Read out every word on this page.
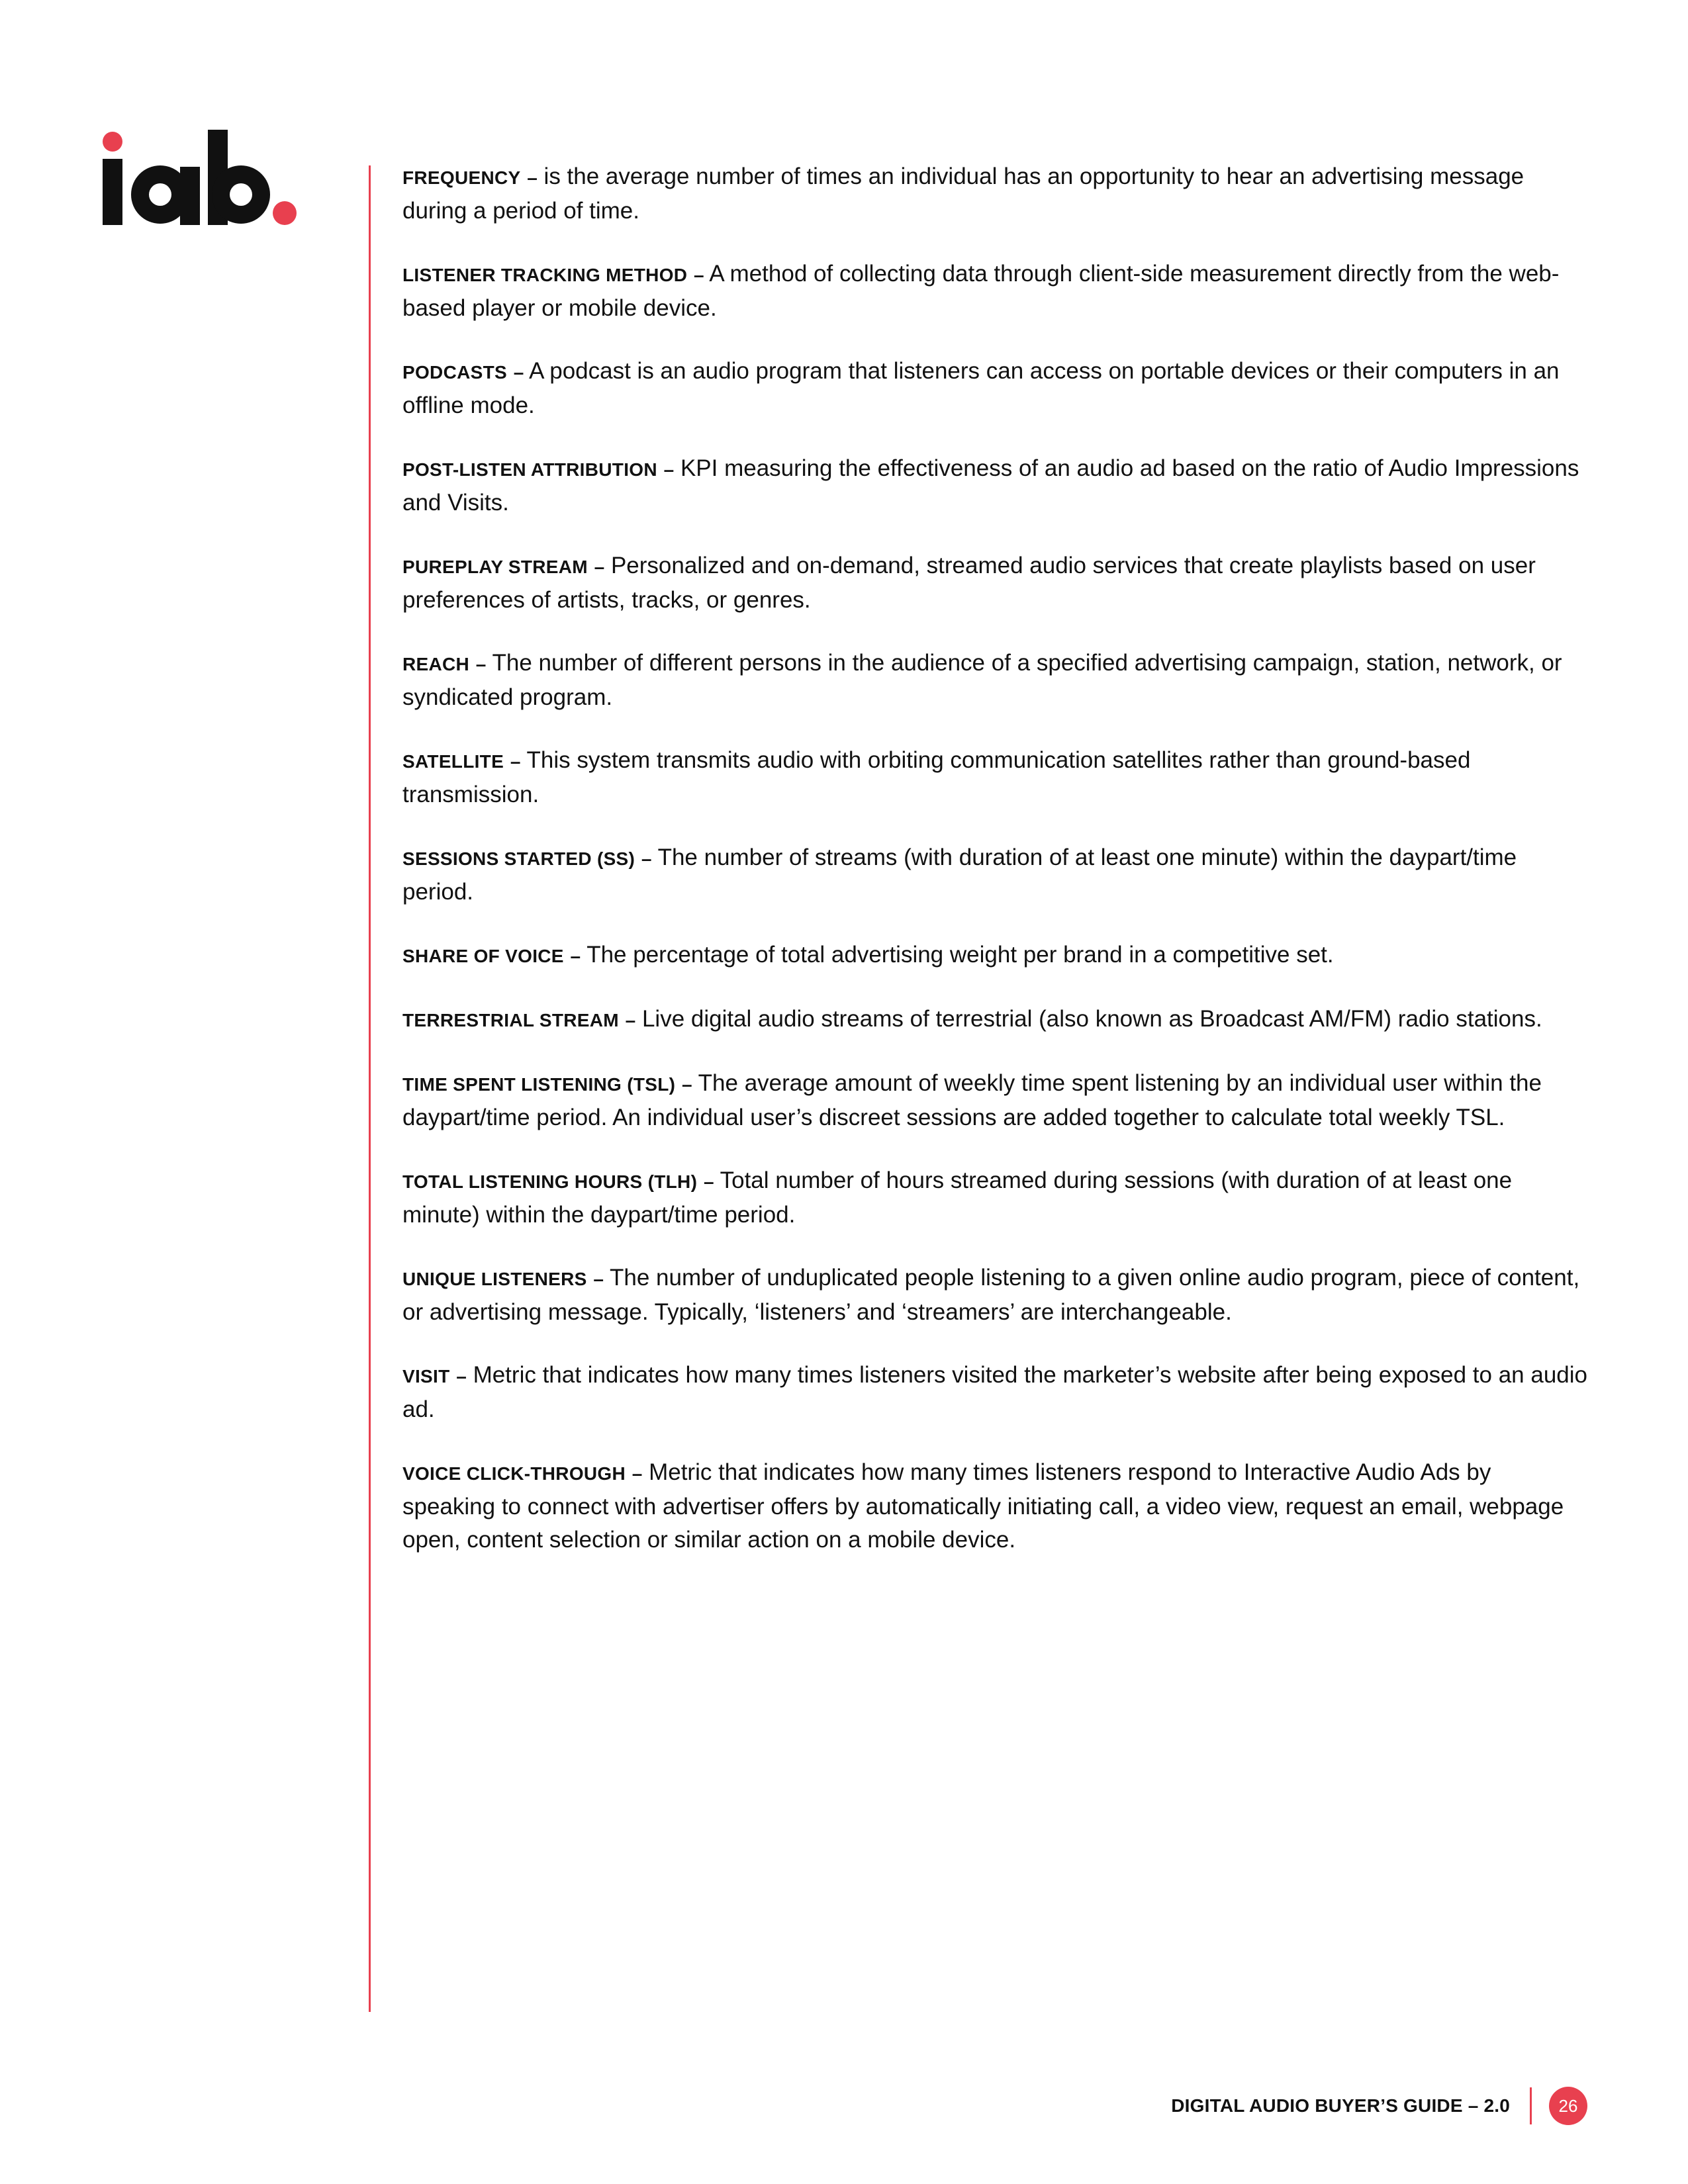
FREQUENCY – is the average number of times an individual has an opportunity to hear an advertising message during a period of time.

LISTENER TRACKING METHOD – A method of collecting data through client-side measurement directly from the web-based player or mobile device.

PODCASTS – A podcast is an audio program that listeners can access on portable devices or their computers in an offline mode.

POST-LISTEN ATTRIBUTION – KPI measuring the effectiveness of an audio ad based on the ratio of Audio Impressions and Visits.

PUREPLAY STREAM – Personalized and on-demand, streamed audio services that create playlists based on user preferences of artists, tracks, or genres.

REACH – The number of different persons in the audience of a specified advertising campaign, station, network, or syndicated program.

SATELLITE – This system transmits audio with orbiting communication satellites rather than ground-based transmission.

SESSIONS STARTED (SS) – The number of streams (with duration of at least one minute) within the daypart/time period.

SHARE OF VOICE – The percentage of total advertising weight per brand in a competitive set.

TERRESTRIAL STREAM – Live digital audio streams of terrestrial (also known as Broadcast AM/FM) radio stations.

TIME SPENT LISTENING (TSL) – The average amount of weekly time spent listening by an individual user within the daypart/time period. An individual user’s discreet sessions are added together to calculate total weekly TSL.

TOTAL LISTENING HOURS (TLH) – Total number of hours streamed during sessions (with duration of at least one minute) within the daypart/time period.

UNIQUE LISTENERS – The number of unduplicated people listening to a given online audio program, piece of content, or advertising message. Typically, ‘listeners’ and ‘streamers’ are interchangeable.

VISIT – Metric that indicates how many times listeners visited the marketer’s website after being exposed to an audio ad.

VOICE CLICK-THROUGH – Metric that indicates how many times listeners respond to Interactive Audio Ads by speaking to connect with advertiser offers by automatically initiating call, a video view, request an email, webpage open, content selection or similar action on a mobile device.

DIGITAL AUDIO BUYER’S GUIDE – 2.0	26
